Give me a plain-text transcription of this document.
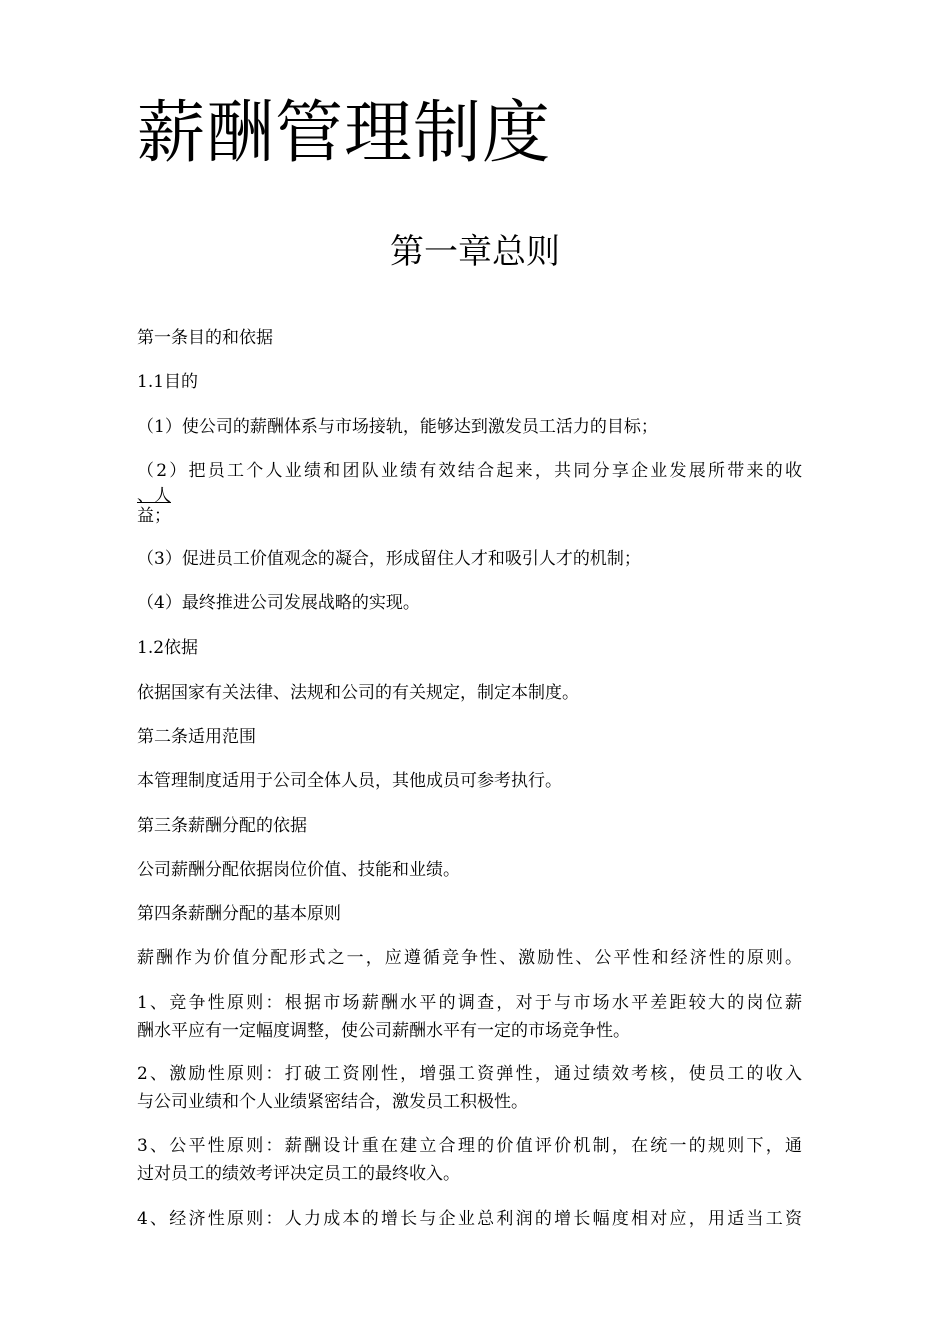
薪酬管理制度
第一章总则
第一条目的和依据
1.1目的
（1）使公司的薪酬体系与市场接轨，能够达到激发员工活力的目标；
（2）把员工个人业绩和团队业绩有效结合起来，共同分享企业发展所带来的收
、人
益；
（3）促进员工价值观念的凝合，形成留住人才和吸引人才的机制；
（4）最终推进公司发展战略的实现。
1.2依据
依据国家有关法律、法规和公司的有关规定，制定本制度。
第二条适用范围
本管理制度适用于公司全体人员，其他成员可参考执行。
第三条薪酬分配的依据
公司薪酬分配依据岗位价值、技能和业绩。
第四条薪酬分配的基本原则
薪酬作为价值分配形式之一，应遵循竞争性、激励性、公平性和经济性的原则。
1、竞争性原则：根据市场薪酬水平的调查，对于与市场水平差距较大的岗位薪
酬水平应有一定幅度调整，使公司薪酬水平有一定的市场竞争性。
2、激励性原则：打破工资刚性，增强工资弹性，通过绩效考核，使员工的收入
与公司业绩和个人业绩紧密结合，激发员工积极性。
3、公平性原则：薪酬设计重在建立合理的价值评价机制，在统一的规则下，通
过对员工的绩效考评决定员工的最终收入。
4、经济性原则：人力成本的增长与企业总利润的增长幅度相对应，用适当工资
